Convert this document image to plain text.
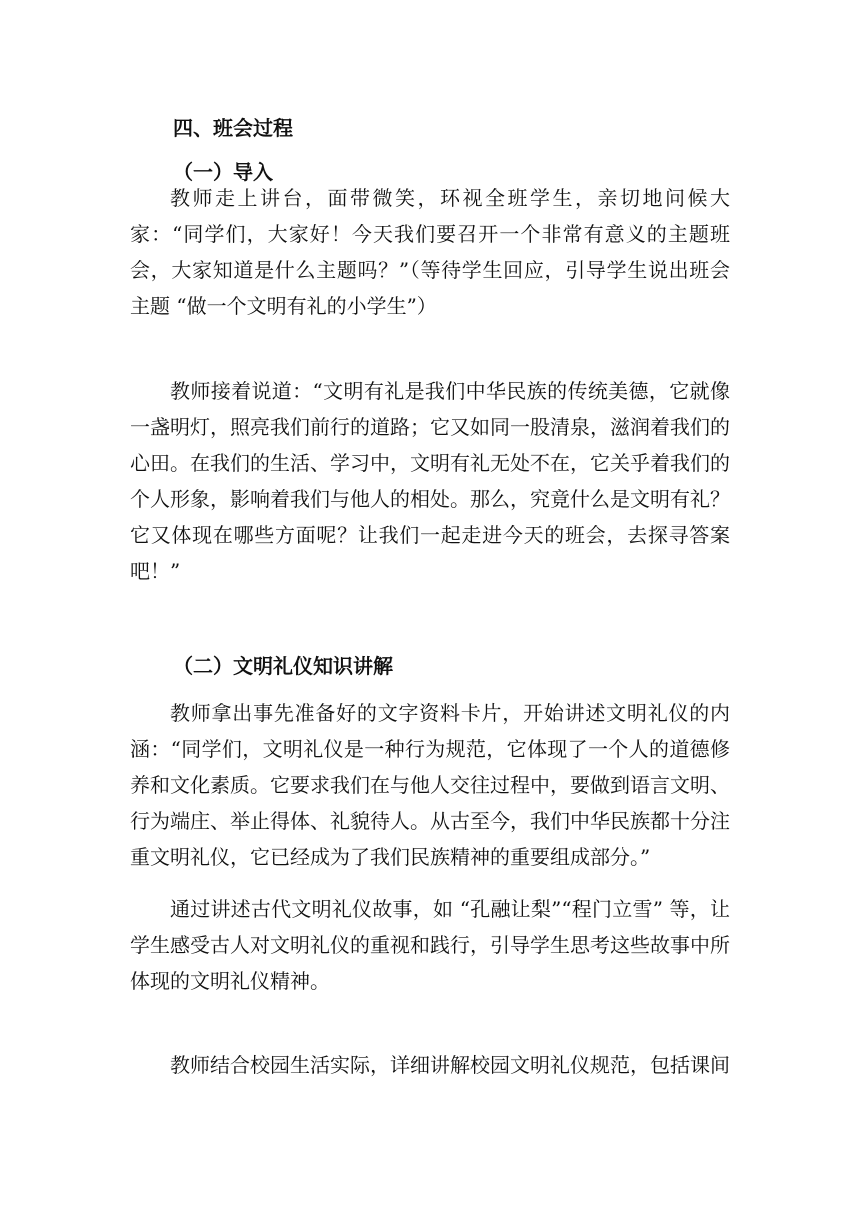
四、班会过程
（一）导入

教师走上讲台，面带微笑，环视全班学生，亲切地问候大家：“同学们，大家好！今天我们要召开一个非常有意义的主题班会，大家知道是什么主题吗？”（等待学生回应，引导学生说出班会主题 “做一个文明有礼的小学生”）

教师接着说道：“文明有礼是我们中华民族的传统美德，它就像一盏明灯，照亮我们前行的道路；它又如同一股清泉，滋润着我们的心田。在我们的生活、学习中，文明有礼无处不在，它关乎着我们的个人形象，影响着我们与他人的相处。那么，究竟什么是文明有礼？它又体现在哪些方面呢？让我们一起走进今天的班会，去探寻答案吧！”

（二）文明礼仪知识讲解

教师拿出事先准备好的文字资料卡片，开始讲述文明礼仪的内涵：“同学们，文明礼仪是一种行为规范，它体现了一个人的道德修养和文化素质。它要求我们在与他人交往过程中，要做到语言文明、行为端庄、举止得体、礼貌待人。从古至今，我们中华民族都十分注重文明礼仪，它已经成为了我们民族精神的重要组成部分。”

通过讲述古代文明礼仪故事，如 “孔融让梨”“程门立雪” 等，让学生感受古人对文明礼仪的重视和践行，引导学生思考这些故事中所体现的文明礼仪精神。

教师结合校园生活实际，详细讲解校园文明礼仪规范，包括课间
